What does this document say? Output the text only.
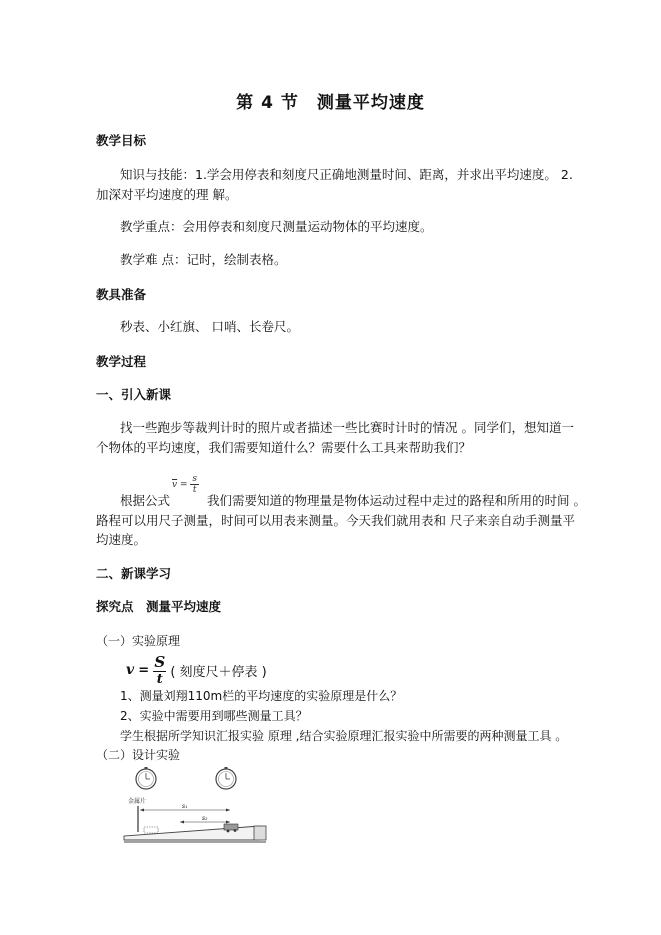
第 4 节　测量平均速度
教学目标
知识与技能：1.学会用停表和刻度尺正确地测量时间、距离，并求出平均速度。 2.
加深对平均速度的理 解。
教学重点：会用停表和刻度尺测量运动物体的平均速度。
教学难 点：记时，绘制表格。
教具准备
秒表、小红旗、 口哨、长卷尺。
教学过程
一、引入新课
找一些跑步等裁判计时的照片或者描述一些比赛时计时的情况 。同学们，想知道一
个物体的平均速度，我们需要知道什么？需要什么工具来帮助我们？
根据公式
$\overline{v} = \frac{s}{t}$
我们需要知道的物理量是物体运动过程中走过的路程和所用的时间 。
路程可以用尺子测量，时间可以用表来测量。今天我们就用表和 尺子来亲自动手测量平
均速度。
二、新课学习
探究点　测量平均速度
（一）实验原理
$v = \frac{S}{t}$ ( 刻度尺＋停表 )
1、测量刘翔110m栏的平均速度的实验原理是什么？
2、实验中需要用到哪些测量工具？
学生根据所学知识汇报实验 原理 ,结合实验原理汇报实验中所需要的两种测量工具 。
（二）设计实验
金属片
s₁
s₂
